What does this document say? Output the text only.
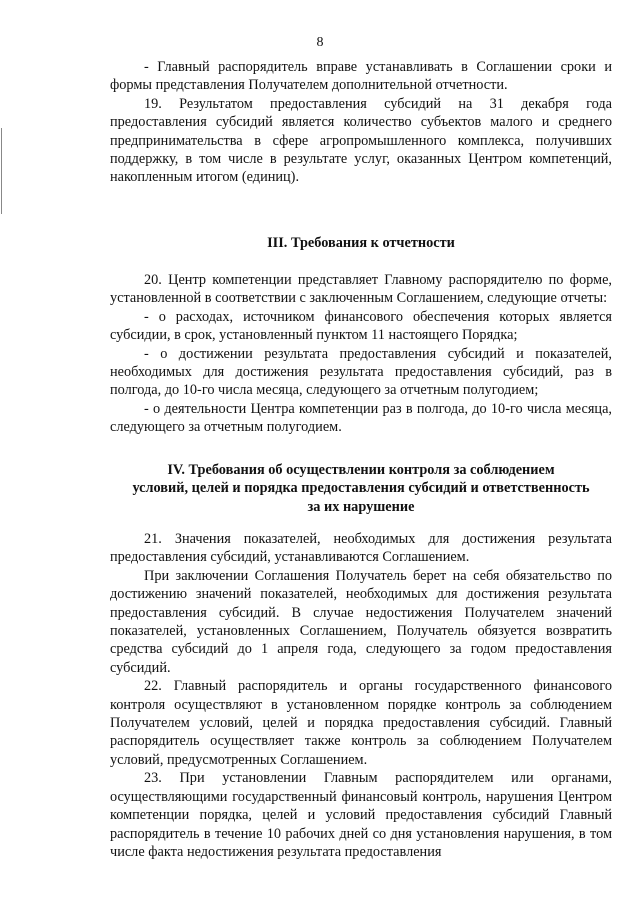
8

- Главный распорядитель вправе устанавливать в Соглашении сроки и формы представления Получателем дополнительной отчетности.

19. Результатом предоставления субсидий на 31 декабря года предоставления субсидий является количество субъектов малого и среднего предпринимательства в сфере агропромышленного комплекса, получивших поддержку, в том числе в результате услуг, оказанных Центром компетенций, накопленным итогом (единиц).

III. Требования к отчетности

20. Центр компетенции представляет Главному распорядителю по форме, установленной в соответствии с заключенным Соглашением, следующие отчеты:

- о расходах, источником финансового обеспечения которых является субсидии, в срок, установленный пунктом 11 настоящего Порядка;

- о достижении результата предоставления субсидий и показателей, необходимых для достижения результата предоставления субсидий, раз в полгода, до 10-го числа месяца, следующего за отчетным полугодием;

- о деятельности Центра компетенции раз в полгода, до 10-го числа месяца, следующего за отчетным полугодием.

IV. Требования об осуществлении контроля за соблюдением

условий, целей и порядка предоставления субсидий и ответственность

за их нарушение

21. Значения показателей, необходимых для достижения результата предоставления субсидий, устанавливаются Соглашением.

При заключении Соглашения Получатель берет на себя обязательство по достижению значений показателей, необходимых для достижения результата предоставления субсидий. В случае недостижения Получателем значений показателей, установленных Соглашением, Получатель обязуется возвратить средства субсидий до 1 апреля года, следующего за годом предоставления субсидий.

22. Главный распорядитель и органы государственного финансового контроля осуществляют в установленном порядке контроль за соблюдением Получателем условий, целей и порядка предоставления субсидий. Главный распорядитель осуществляет также контроль за соблюдением Получателем условий, предусмотренных Соглашением.

23. При установлении Главным распорядителем или органами, осуществляющими государственный финансовый контроль, нарушения Центром компетенции порядка, целей и условий предоставления субсидий Главный распорядитель в течение 10 рабочих дней со дня установления нарушения, в том числе факта недостижения результата предоставления
